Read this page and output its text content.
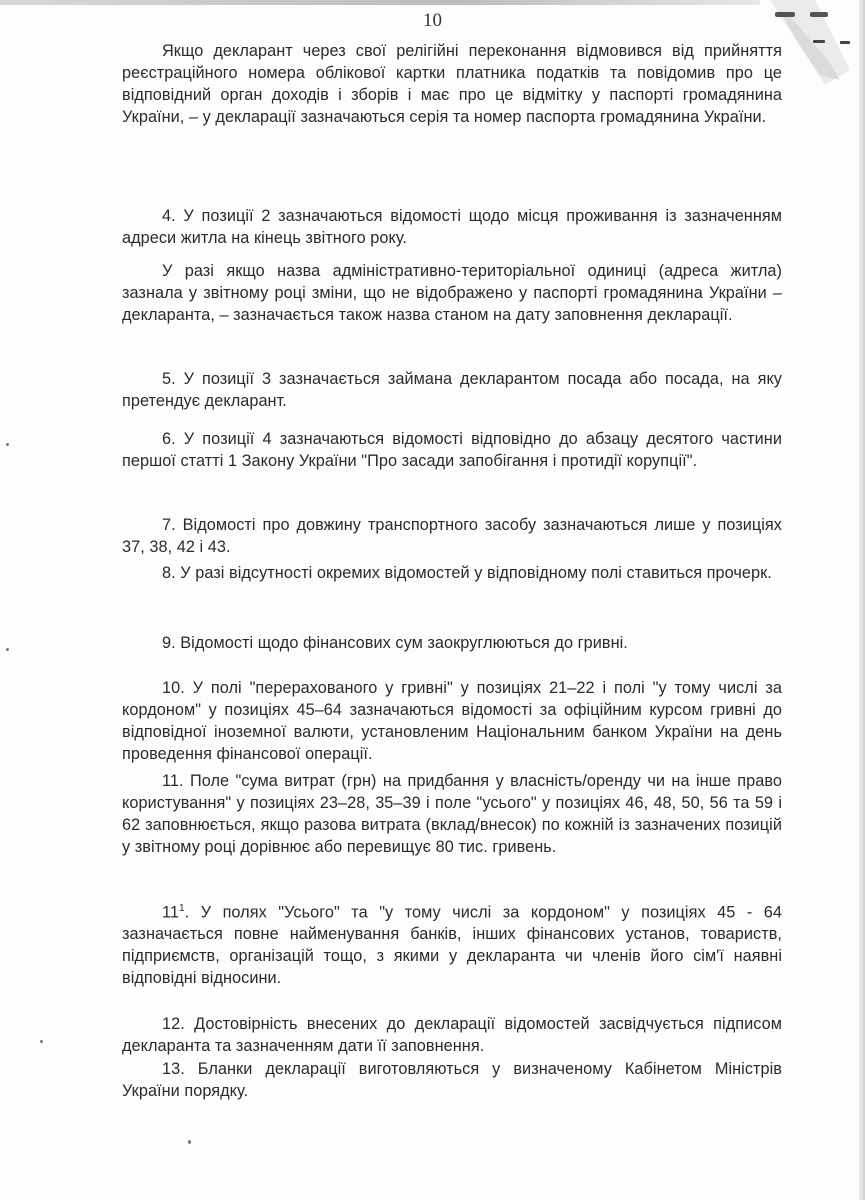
10
Якщо декларант через свої релігійні переконання відмовився від прийняття реєстраційного номера облікової картки платника податків та повідомив про це відповідний орган доходів і зборів і має про це відмітку у паспорті громадянина України, – у декларації зазначаються серія та номер паспорта громадянина України.
4. У позиції 2 зазначаються відомості щодо місця проживання із зазначенням адреси житла на кінець звітного року.
У разі якщо назва адміністративно-територіальної одиниці (адреса житла) зазнала у звітному році зміни, що не відображено у паспорті громадянина України – декларанта, – зазначається також назва станом на дату заповнення декларації.
5. У позиції 3 зазначається займана декларантом посада або посада, на яку претендує декларант.
6. У позиції 4 зазначаються відомості відповідно до абзацу десятого частини першої статті 1 Закону України "Про засади запобігання і протидії корупції".
7. Відомості про довжину транспортного засобу зазначаються лише у позиціях 37, 38, 42 і 43.
8. У разі відсутності окремих відомостей у відповідному полі ставиться прочерк.
9. Відомості щодо фінансових сум заокруглюються до гривні.
10. У полі "перерахованого у гривні" у позиціях 21–22 і полі "у тому числі за кордоном" у позиціях 45–64 зазначаються відомості за офіційним курсом гривні до відповідної іноземної валюти, установленим Національним банком України на день проведення фінансової операції.
11. Поле "сума витрат (грн) на придбання у власність/оренду чи на інше право користування" у позиціях 23–28, 35–39 і поле "усього" у позиціях 46, 48, 50, 56 та 59 і 62 заповнюється, якщо разова витрата (вклад/внесок) по кожній із зазначених позицій у звітному році дорівнює або перевищує 80 тис. гривень.
$11^1$. У полях "Усього" та "у тому числі за кордоном" у позиціях 45 - 64 зазначається повне найменування банків, інших фінансових установ, товариств, підприємств, організацій тощо, з якими у декларанта чи членів його сім'ї наявні відповідні відносини.
12. Достовірність внесених до декларації відомостей засвідчується підписом декларанта та зазначенням дати її заповнення.
13. Бланки декларації виготовляються у визначеному Кабінетом Міністрів України порядку.
